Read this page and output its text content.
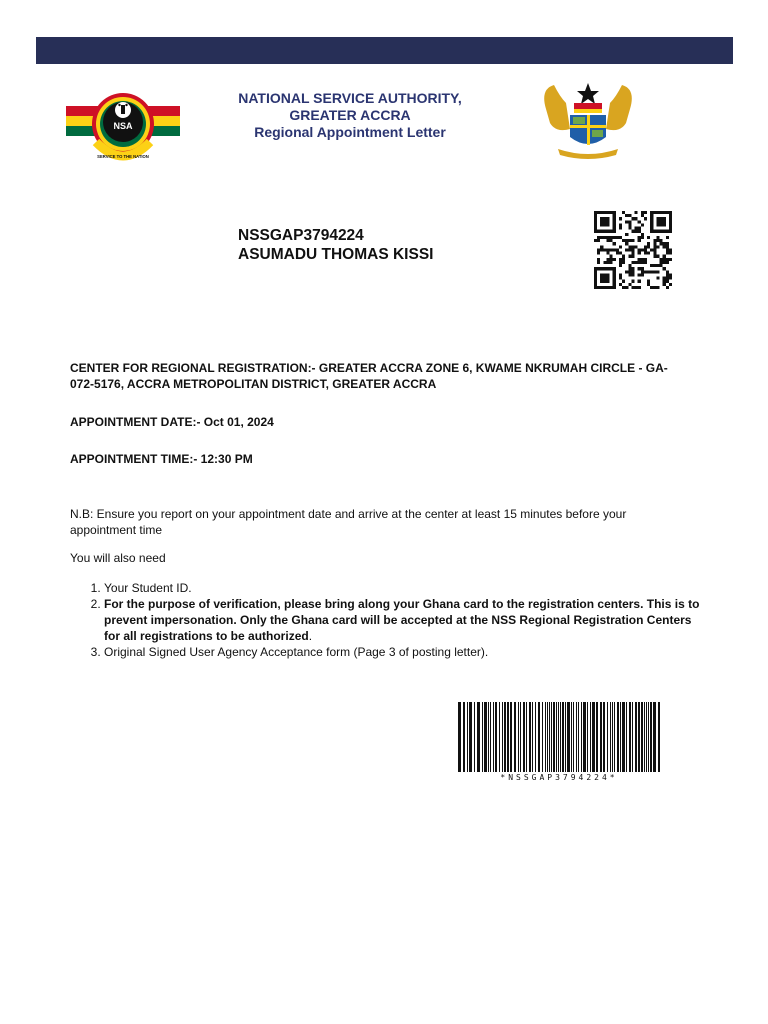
NSA
SERVICE TO THE NATION
NATIONAL SERVICE AUTHORITY,
GREATER ACCRA
Regional Appointment Letter
NSSGAP3794224
ASUMADU THOMAS KISSI
CENTER FOR REGIONAL REGISTRATION:- GREATER ACCRA ZONE 6, KWAME NKRUMAH CIRCLE - GA-072-5176, ACCRA METROPOLITAN DISTRICT, GREATER ACCRA
APPOINTMENT DATE:- Oct 01, 2024
APPOINTMENT TIME:- 12:30 PM
N.B: Ensure you report on your appointment date and arrive at the center at least 15 minutes before your appointment time
You will also need
1. Your Student ID.
2. For the purpose of verification, please bring along your Ghana card to the registration centers. This is to prevent impersonation. Only the Ghana card will be accepted at the NSS Regional Registration Centers for all registrations to be authorized.
3. Original Signed User Agency Acceptance form (Page 3 of posting letter).
*NSSGAP3794224*
